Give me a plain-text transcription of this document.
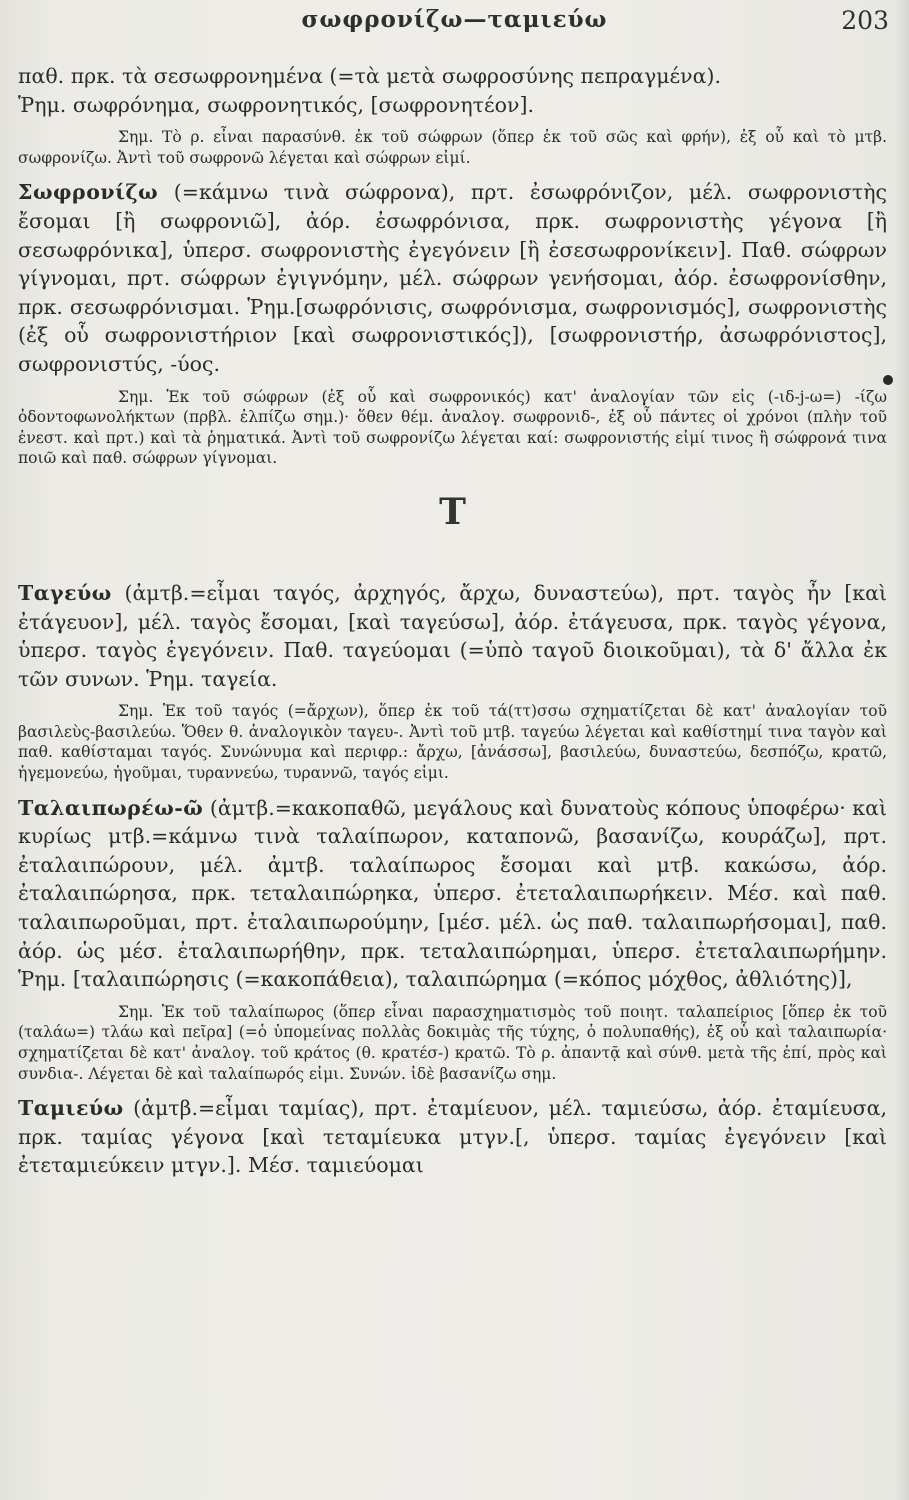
σωφρονίζω—ταμιεύω	203

παθ. πρκ. τὰ σεσωφρονημένα (=τὰ μετὰ σωφροσύνης πεπραγμένα).

Ῥημ. σωφρόνημα, σωφρονητικός, [σωφρονητέον].

Σημ. Τὸ ρ. εἶναι παρασύνθ. ἐκ τοῦ σώφρων (ὅπερ ἐκ τοῦ σῶς καὶ φρήν), ἐξ οὗ καὶ τὸ μτβ. σωφρονίζω. Ἀντὶ τοῦ σωφρονῶ λέγεται καὶ σώφρων εἰμί.

Σωφρονίζω (=κάμνω τινὰ σώφρονα), πρτ. ἐσωφρόνιζον, μέλ. σωφρονιστὴς ἔσομαι [ἢ σωφρονιῶ], ἀόρ. ἐσωφρόνισα, πρκ. σωφρονιστὴς γέγονα [ἢ σεσωφρόνικα], ὑπερσ. σωφρονιστὴς ἐγεγόνειν [ἢ ἐσεσωφρονίκειν]. Παθ. σώφρων γίγνομαι, πρτ. σώφρων ἐγιγνόμην, μέλ. σώφρων γενήσομαι, ἀόρ. ἐσωφρονίσθην, πρκ. σεσωφρόνισμαι. Ῥημ.[σωφρόνισις, σωφρόνισμα, σωφρονισμός], σωφρονιστὴς (ἐξ οὗ σωφρονιστήριον [καὶ σωφρονιστικός]), [σωφρονιστήρ, ἀσωφρόνιστος], σωφρονιστύς, -ύος.

Σημ. Ἐκ τοῦ σώφρων (ἐξ οὗ καὶ σωφρονικός) κατ' ἀναλογίαν τῶν εἰς (-ιδ-j-ω=) -ίζω ὀδοντοφωνολήκτων (πρβλ. ἐλπίζω σημ.)· ὅθεν θέμ. ἀναλογ. σωφρονιδ-, ἐξ οὗ πάντες οἱ χρόνοι (πλὴν τοῦ ἐνεστ. καὶ πρτ.) καὶ τὰ ῥηματικά. Ἀντὶ τοῦ σωφρονίζω λέγεται καί: σωφρονιστής εἰμί τινος ἢ σώφρονά τινα ποιῶ καὶ παθ. σώφρων γίγνομαι.

T

Ταγεύω (ἀμτβ.=εἶμαι ταγός, ἀρχηγός, ἄρχω, δυναστεύω), πρτ. ταγὸς ἦν [καὶ ἐτάγευον], μέλ. ταγὸς ἔσομαι, [καὶ ταγεύσω], ἀόρ. ἐτάγευσα, πρκ. ταγὸς γέγονα, ὑπερσ. ταγὸς ἐγεγόνειν. Παθ. ταγεύομαι (=ὑπὸ ταγοῦ διοικοῦμαι), τὰ δ' ἄλλα ἐκ τῶν συνων. Ῥημ. ταγεία.

Σημ. Ἐκ τοῦ ταγός (=ἄρχων), ὅπερ ἐκ τοῦ τά(ττ)σσω σχηματίζεται δὲ κατ' ἀναλογίαν τοῦ βασιλεὺς-βασιλεύω. Ὅθεν θ. ἀναλογικὸν ταγευ-. Ἀντὶ τοῦ μτβ. ταγεύω λέγεται καὶ καθίστημί τινα ταγὸν καὶ παθ. καθίσταμαι ταγός. Συνώνυμα καὶ περιφρ.: ἄρχω, [ἀνάσσω], βασιλεύω, δυναστεύω, δεσπόζω, κρατῶ, ἡγεμονεύω, ἡγοῦμαι, τυραννεύω, τυραννῶ, ταγός εἰμι.

Ταλαιπωρέω-ῶ (ἀμτβ.=κακοπαθῶ, μεγάλους καὶ δυνατοὺς κόπους ὑποφέρω· καὶ κυρίως μτβ.=κάμνω τινὰ ταλαίπωρον, καταπονῶ, βασανίζω, κουράζω], πρτ. ἐταλαιπώρουν, μέλ. ἀμτβ. ταλαίπωρος ἔσομαι καὶ μτβ. κακώσω, ἀόρ. ἐταλαιπώρησα, πρκ. τεταλαιπώρηκα, ὑπερσ. ἐτεταλαιπωρήκειν. Μέσ. καὶ παθ. ταλαιπωροῦμαι, πρτ. ἐταλαιπωρούμην, [μέσ. μέλ. ὡς παθ. ταλαιπωρήσομαι], παθ. ἀόρ. ὡς μέσ. ἐταλαιπωρήθην, πρκ. τεταλαιπώρημαι, ὑπερσ. ἐτεταλαιπωρήμην. Ῥημ. [ταλαιπώρησις (=κακοπάθεια), ταλαιπώρημα (=κόπος μόχθος, ἀθλιότης)],

Σημ. Ἐκ τοῦ ταλαίπωρος (ὅπερ εἶναι παρασχηματισμὸς τοῦ ποιητ. ταλαπείριος [ὅπερ ἐκ τοῦ (ταλάω=) τλάω καὶ πεῖρα] (=ὁ ὑπομείνας πολλὰς δοκιμὰς τῆς τύχης, ὁ πολυπαθής), ἐξ οὗ καὶ ταλαιπωρία· σχηματίζεται δὲ κατ' ἀναλογ. τοῦ κράτος (θ. κρατέσ-) κρατῶ. Τὸ ρ. ἀπαντᾷ καὶ σύνθ. μετὰ τῆς ἐπί, πρὸς καὶ συνδια-. Λέγεται δὲ καὶ ταλαίπωρός εἰμι. Συνών. ἰδὲ βασανίζω σημ.

Ταμιεύω (ἀμτβ.=εἶμαι ταμίας), πρτ. ἐταμίευον, μέλ. ταμιεύσω, ἀόρ. ἐταμίευσα, πρκ. ταμίας γέγονα [καὶ τεταμίευκα μτγν.[, ὑπερσ. ταμίας ἐγεγόνειν [καὶ ἐτεταμιεύκειν μτγν.]. Μέσ. ταμιεύομαι
